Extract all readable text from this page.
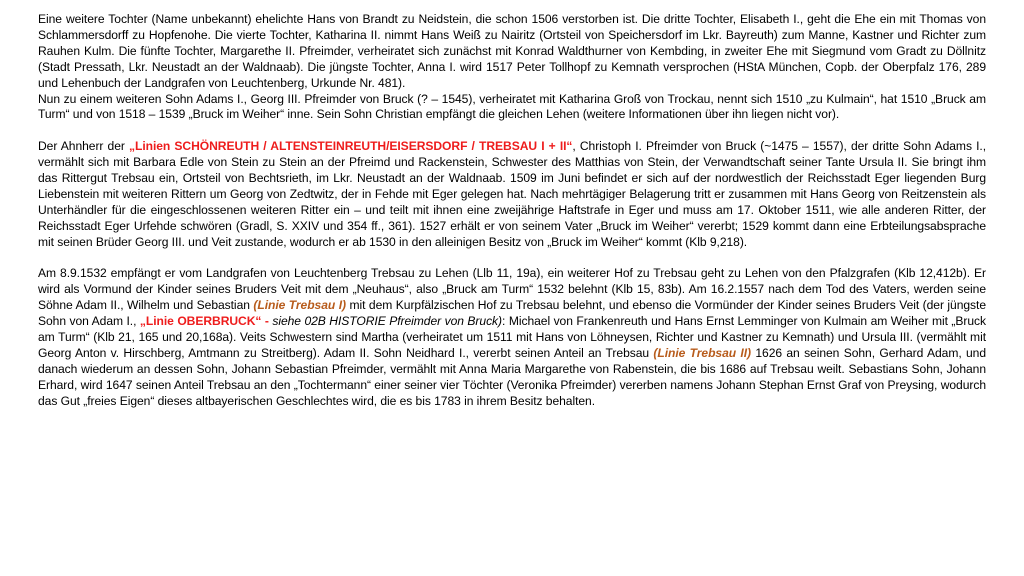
Eine weitere Tochter (Name unbekannt) ehelichte Hans von Brandt zu Neidstein, die schon 1506 verstorben ist. Die dritte Tochter, Elisabeth I., geht die Ehe ein mit Thomas von Schlammersdorff zu Hopfenohe. Die vierte Tochter, Katharina II. nimmt Hans Weiß zu Nairitz (Ortsteil von Speichersdorf im Lkr. Bayreuth) zum Manne, Kastner und Richter zum Rauhen Kulm. Die fünfte Tochter, Margarethe II. Pfreimder, verheiratet sich zunächst mit Konrad Waldthurner von Kembding, in zweiter Ehe mit Siegmund vom Gradt zu Döllnitz (Stadt Pressath, Lkr. Neustadt an der Waldnaab). Die jüngste Tochter, Anna I. wird 1517 Peter Tollhopf zu Kemnath versprochen (HStA München, Copb. der Oberpfalz 176, 289 und Lehenbuch der Landgrafen von Leuchtenberg, Urkunde Nr. 481).

Nun zu einem weiteren Sohn Adams I., Georg III. Pfreimder von Bruck (? – 1545), verheiratet mit Katharina Groß von Trockau, nennt sich 1510 „zu Kulmain“, hat 1510 „Bruck am Turm“ und von 1518 – 1539 „Bruck im Weiher“ inne. Sein Sohn Christian empfängt die gleichen Lehen (weitere Informationen über ihn liegen nicht vor).

Der Ahnherr der „Linien SCHÖNREUTH / ALTENSTEINREUTH/EISERSDORF / TREBSAU I + II“, Christoph I. Pfreimder von Bruck (~1475 – 1557), der dritte Sohn Adams I., vermählt sich mit Barbara Edle von Stein zu Stein an der Pfreimd und Rackenstein, Schwester des Matthias von Stein, der Verwandtschaft seiner Tante Ursula II. Sie bringt ihm das Rittergut Trebsau ein, Ortsteil von Bechtsrieth, im Lkr. Neustadt an der Waldnaab. 1509 im Juni befindet er sich auf der nordwestlich der Reichsstadt Eger liegenden Burg Liebenstein mit weiteren Rittern um Georg von Zedtwitz, der in Fehde mit Eger gelegen hat. Nach mehrtägiger Belagerung tritt er zusammen mit Hans Georg von Reitzenstein als Unterhändler für die eingeschlossenen weiteren Ritter ein – und teilt mit ihnen eine zweijährige Haftstrafe in Eger und muss am 17. Oktober 1511, wie alle anderen Ritter, der Reichsstadt Eger Urfehde schwören (Gradl, S. XXIV und 354 ff., 361). 1527 erhält er von seinem Vater „Bruck im Weiher“ vererbt; 1529 kommt dann eine Erbteilungsabsprache mit seinen Brüder Georg III. und Veit zustande, wodurch er ab 1530 in den alleinigen Besitz von „Bruck im Weiher“ kommt (Klb 9,218).

Am 8.9.1532 empfängt er vom Landgrafen von Leuchtenberg Trebsau zu Lehen (Llb 11, 19a), ein weiterer Hof zu Trebsau geht zu Lehen von den Pfalzgrafen (Klb 12,412b). Er wird als Vormund der Kinder seines Bruders Veit mit dem „Neuhaus“, also „Bruck am Turm“ 1532 belehnt (Klb 15, 83b). Am 16.2.1557 nach dem Tod des Vaters, werden seine Söhne Adam II., Wilhelm und Sebastian (Linie Trebsau I) mit dem Kurpfälzischen Hof zu Trebsau belehnt, und ebenso die Vormünder der Kinder seines Bruders Veit (der jüngste Sohn von Adam I., „Linie OBERBRUCK“ - siehe 02B HISTORIE Pfreimder von Bruck): Michael von Frankenreuth und Hans Ernst Lemminger von Kulmain am Weiher mit „Bruck am Turm“ (Klb 21, 165 und 20,168a). Veits Schwestern sind Martha (verheiratet um 1511 mit Hans von Löhneysen, Richter und Kastner zu Kemnath) und Ursula III. (vermählt mit Georg Anton v. Hirschberg, Amtmann zu Streitberg). Adam II. Sohn Neidhard I., vererbt seinen Anteil an Trebsau (Linie Trebsau II) 1626 an seinen Sohn, Gerhard Adam, und danach wiederum an dessen Sohn, Johann Sebastian Pfreimder, vermählt mit Anna Maria Margarethe von Rabenstein, die bis 1686 auf Trebsau weilt. Sebastians Sohn, Johann Erhard, wird 1647 seinen Anteil Trebsau an den „Tochtermann“ einer seiner vier Töchter (Veronika Pfreimder) vererben namens Johann Stephan Ernst Graf von Preysing, wodurch das Gut „freies Eigen“ dieses altbayerischen Geschlechtes wird, die es bis 1783 in ihrem Besitz behalten.
